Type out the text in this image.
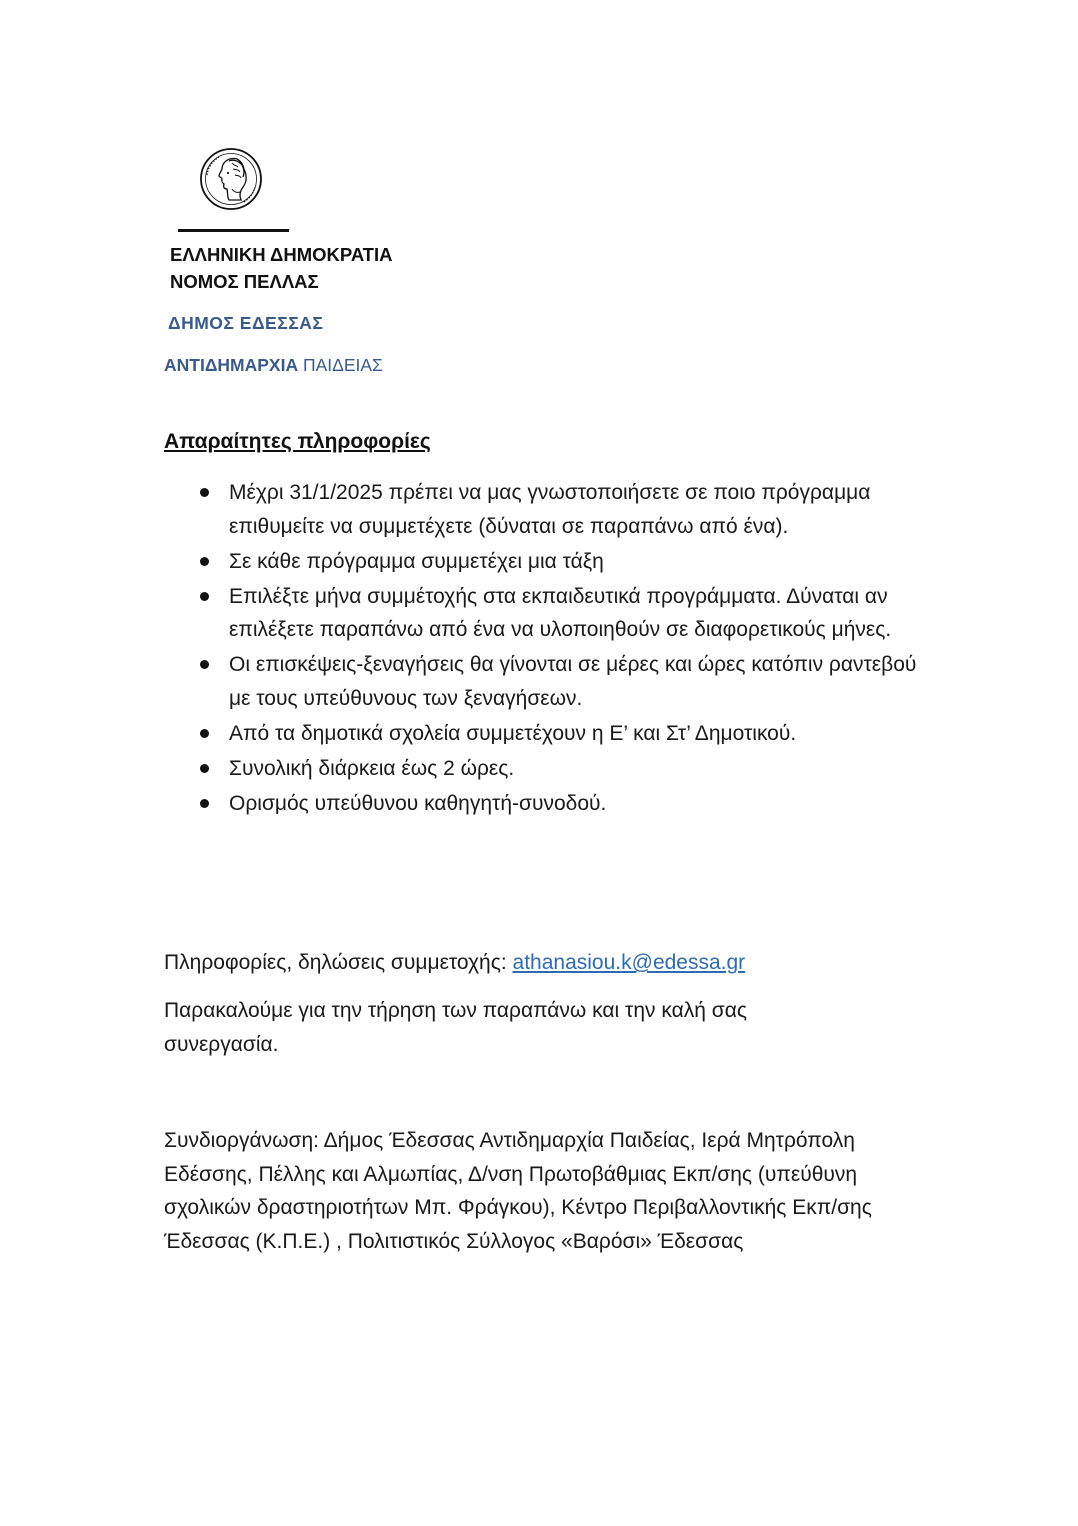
ΕΛΛΗΝΙΚΗ ΔΗΜΟΚΡΑΤΙΑ
ΝΟΜΟΣ ΠΕΛΛΑΣ
ΔΗΜΟΣ ΕΔΕΣΣΑΣ
ΑΝΤΙΔΗΜΑΡΧΙΑ ΠΑΙΔΕΙΑΣ
Απαραίτητες πληροφορίες
Μέχρι 31/1/2025 πρέπει να μας γνωστοποιήσετε σε ποιο πρόγραμμα επιθυμείτε να συμμετέχετε (δύναται σε παραπάνω από ένα).
Σε κάθε πρόγραμμα συμμετέχει μια τάξη
Επιλέξτε μήνα συμμέτοχής στα εκπαιδευτικά προγράμματα. Δύναται αν επιλέξετε παραπάνω από ένα να υλοποιηθούν σε διαφορετικούς μήνες.
Οι επισκέψεις-ξεναγήσεις θα γίνονται σε μέρες και ώρες κατόπιν ραντεβού με τους υπεύθυνους των ξεναγήσεων.
Από τα δημοτικά σχολεία συμμετέχουν η Ε’ και Στ’ Δημοτικού.
Συνολική διάρκεια έως 2 ώρες.
Ορισμός υπεύθυνου καθηγητή-συνοδού.
Πληροφορίες, δηλώσεις συμμετοχής: athanasiou.k@edessa.gr
Παρακαλούμε για την τήρηση των παραπάνω και την καλή σας συνεργασία.
Συνδιοργάνωση: Δήμος Έδεσσας Αντιδημαρχία Παιδείας, Ιερά Μητρόπολη Εδέσσης, Πέλλης και Αλμωπίας, Δ/νση Πρωτοβάθμιας Εκπ/σης (υπεύθυνη σχολικών δραστηριοτήτων Μπ. Φράγκου), Κέντρο Περιβαλλοντικής Εκπ/σης Έδεσσας (Κ.Π.Ε.) , Πολιτιστικός Σύλλογος «Βαρόσι» Έδεσσας
